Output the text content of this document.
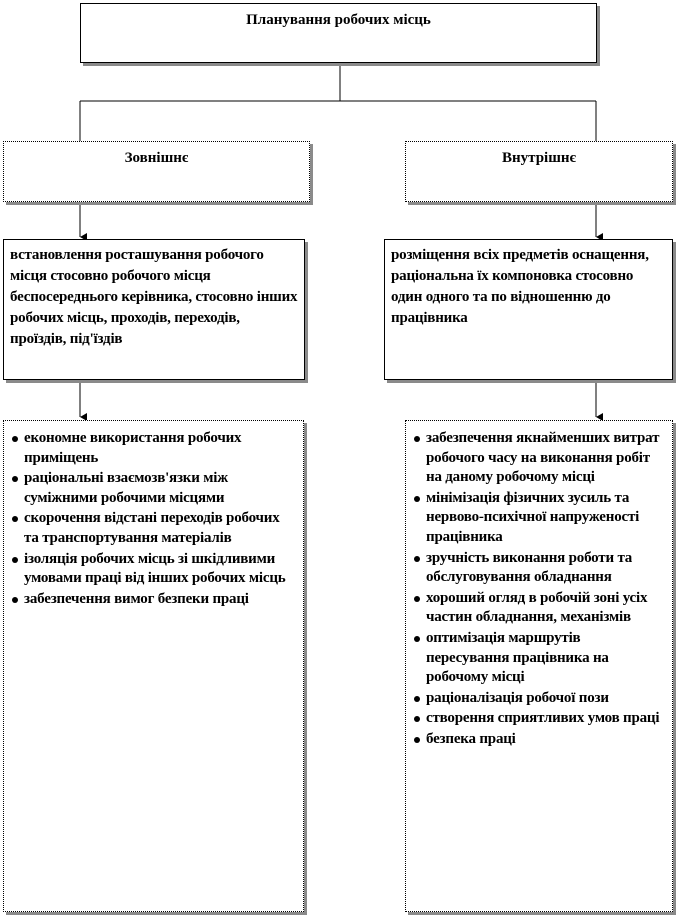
Планування робочих місць
Зовнішнє	Внутрішнє

встановлення росташування робочого місця стосовно робочого місця беспосереднього керівника, стосовно інших робочих місць, проходів, переходів, проїздів, під'їздів

розміщення всіх предметів оснащення, раціональна їх компоновка стосовно один одного та по відношенню до працівника

економне використання робочих приміщень
раціональні взаємозв'язки між суміжними робочими місцями
скорочення відстані переходів робочих та транспортування матеріалів
ізоляція робочих місць зі шкідливими умовами праці від інших робочих місць
забезпечення вимог безпеки праці
забезпечення якнайменших витрат робочого часу на виконання робіт на даному робочому місці
мінімізація фізичних зусиль та нервово-психічної напруженості працівника
зручність виконання роботи та обслуговування обладнання
хороший огляд в робочій зоні усіх частин обладнання, механізмів
оптимізація маршрутів пересування працівника на робочому місці
раціоналізація робочої пози
створення сприятливих умов праці
безпека праці
